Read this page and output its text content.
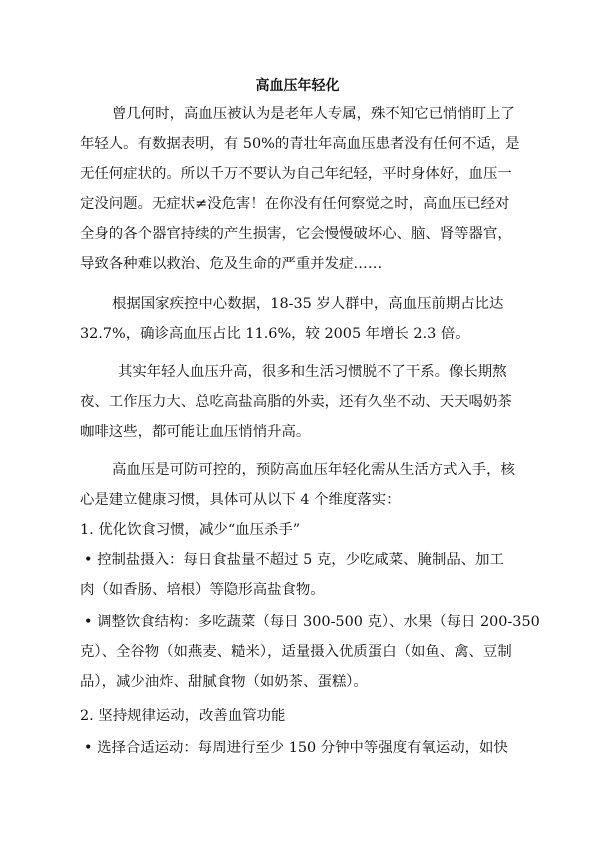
高血压年轻化
曾几何时，高血压被认为是老年人专属，殊不知它已悄悄盯上了
年轻人。有数据表明，有 50%的青壮年高血压患者没有任何不适，是
无任何症状的。所以千万不要认为自己年纪轻，平时身体好，血压一
定没问题。无症状≠没危害！在你没有任何察觉之时，高血压已经对
全身的各个器官持续的产生损害，它会慢慢破坏心、脑、肾等器官，
导致各种难以救治、危及生命的严重并发症……
根据国家疾控中心数据，18-35 岁人群中，高血压前期占比达
32.7%，确诊高血压占比 11.6%，较 2005 年增长 2.3 倍。
其实年轻人血压升高，很多和生活习惯脱不了干系。像长期熬
夜、工作压力大、总吃高盐高脂的外卖，还有久坐不动、天天喝奶茶
咖啡这些，都可能让血压悄悄升高。
高血压是可防可控的，预防高血压年轻化需从生活方式入手，核
心是建立健康习惯，具体可从以下 4 个维度落实：
1. 优化饮食习惯，减少“血压杀手”
• 控制盐摄入：每日食盐量不超过 5 克，少吃咸菜、腌制品、加工
肉（如香肠、培根）等隐形高盐食物。
• 调整饮食结构：多吃蔬菜（每日 300-500 克）、水果（每日 200-350
克）、全谷物（如燕麦、糙米），适量摄入优质蛋白（如鱼、禽、豆制
品），减少油炸、甜腻食物（如奶茶、蛋糕）。
2. 坚持规律运动，改善血管功能
• 选择合适运动：每周进行至少 150 分钟中等强度有氧运动，如快
